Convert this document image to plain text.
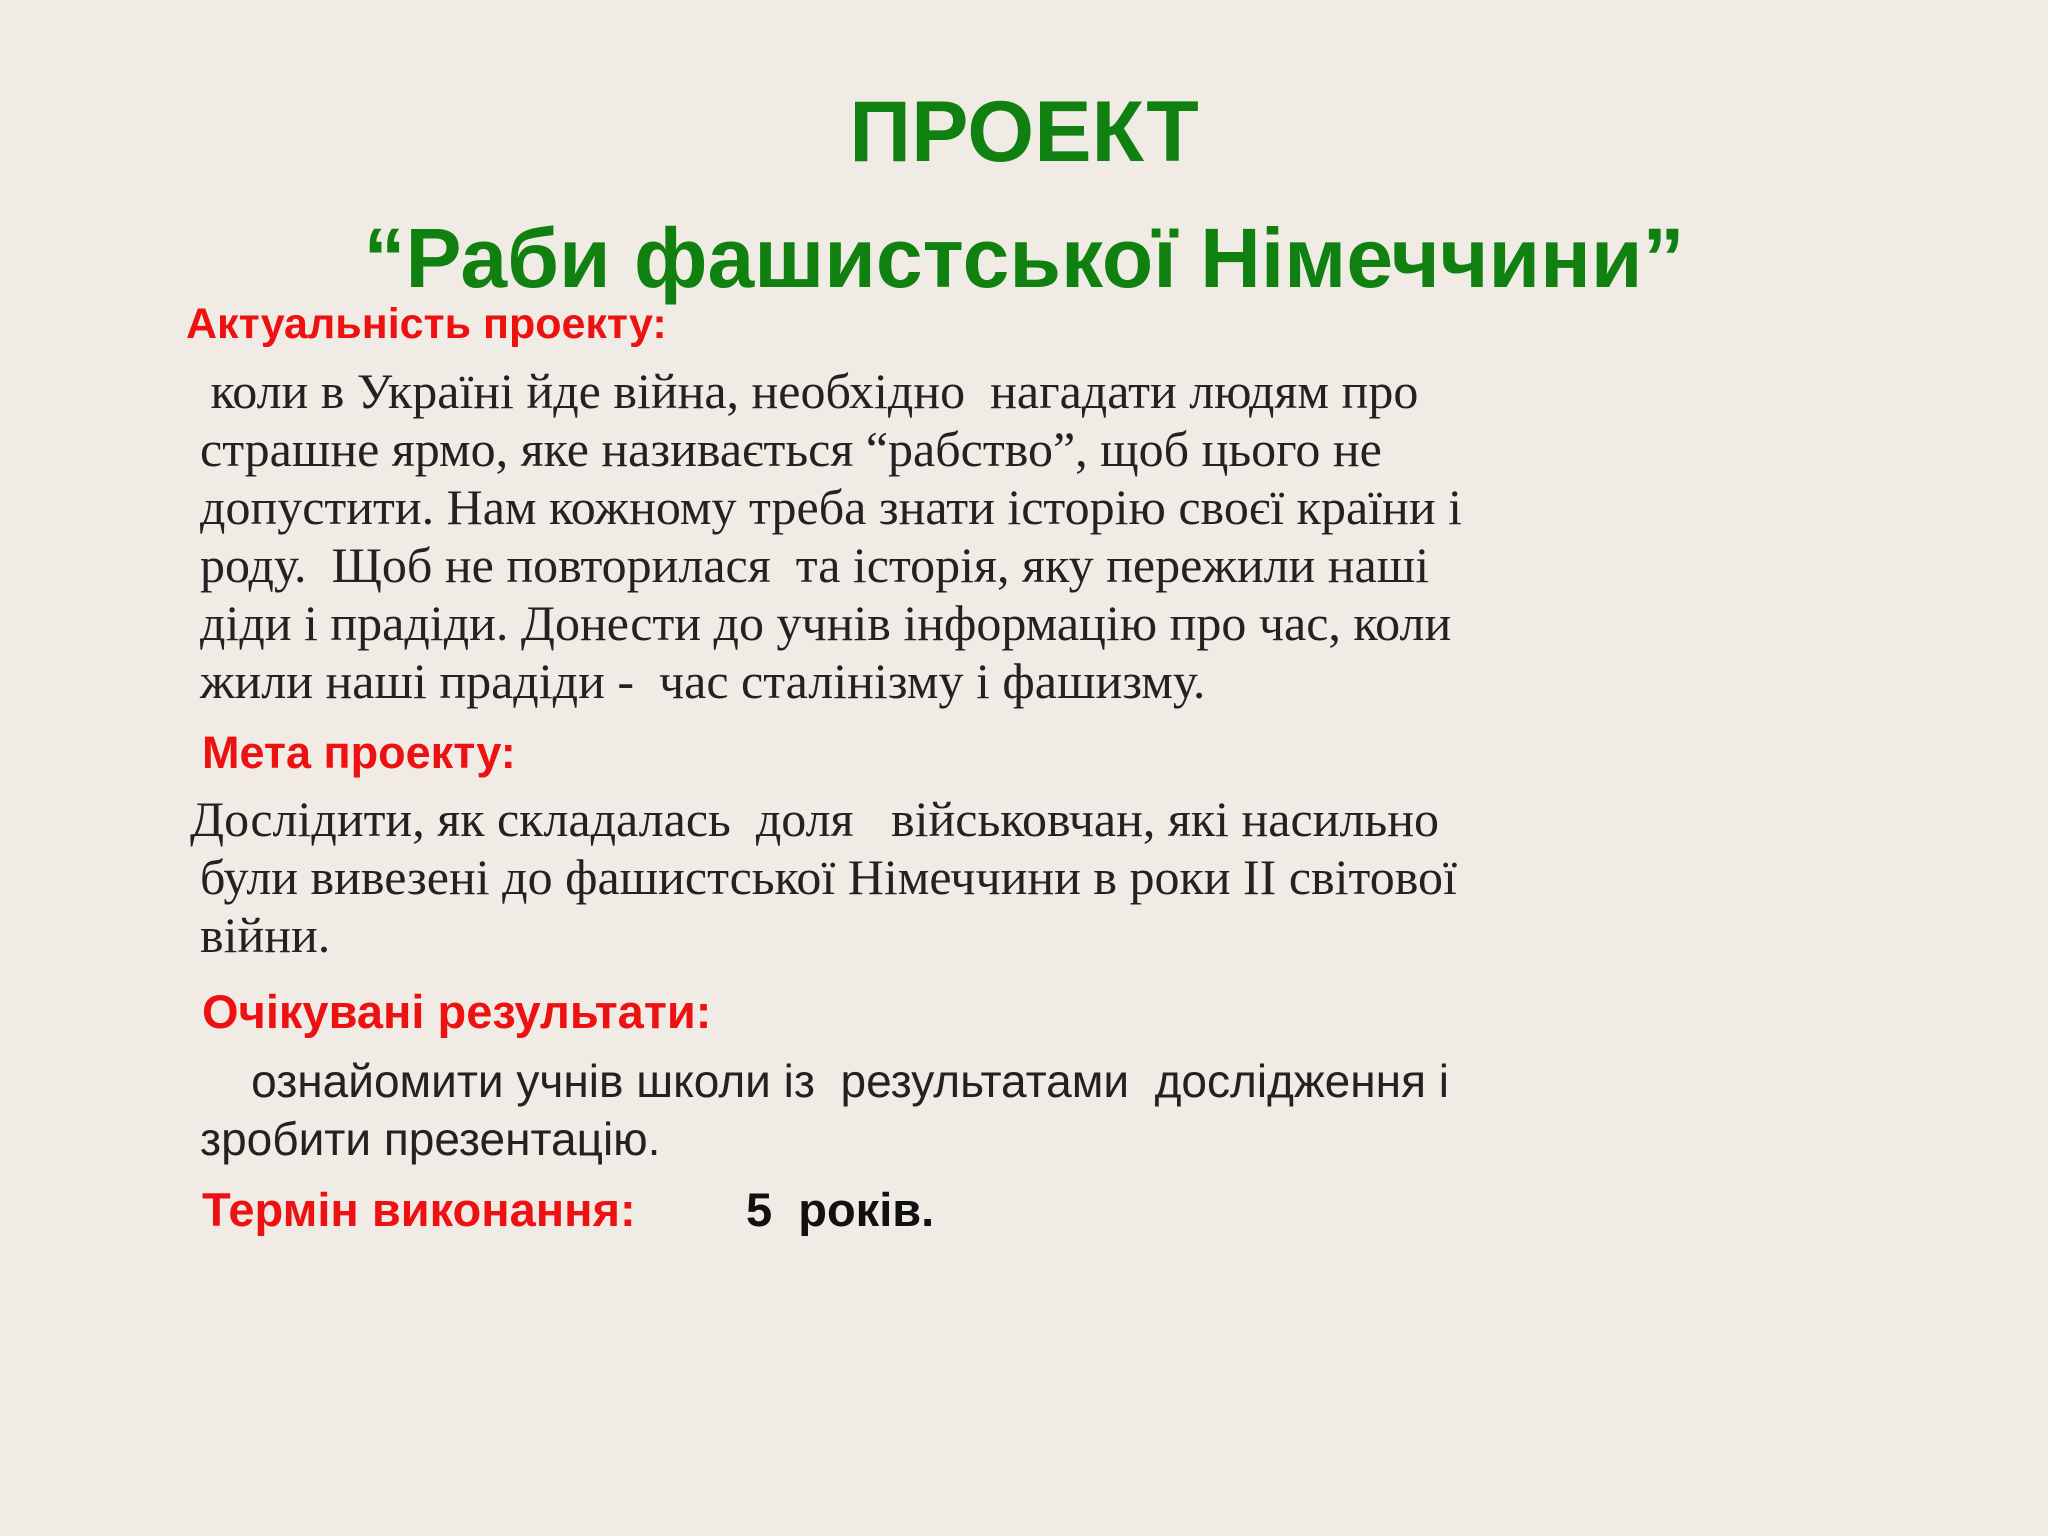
ПРОЕКТ
“Раби фашистської Німеччини”
Актуальність проекту:
коли в Україні йде війна, необхідно  нагадати людям про
страшне ярмо, яке називається “рабство”, щоб цього не
допустити. Нам кожному треба знати історію своєї країни і
роду.  Щоб не повторилася  та історія, яку пережили наші
діди і прадіди. Донести до учнів інформацію про час, коли
жили наші прадіди -  час сталінізму і фашизму.
Мета проекту:
Дослідити, як складалась  доля   військовчан, які насильно
були вивезені до фашистської Німеччини в роки ІІ світової
війни.
Очікувані результати:
ознайомити учнів школи із  результатами  дослідження і
зробити презентацію.
Термін виконання: 5  років.
